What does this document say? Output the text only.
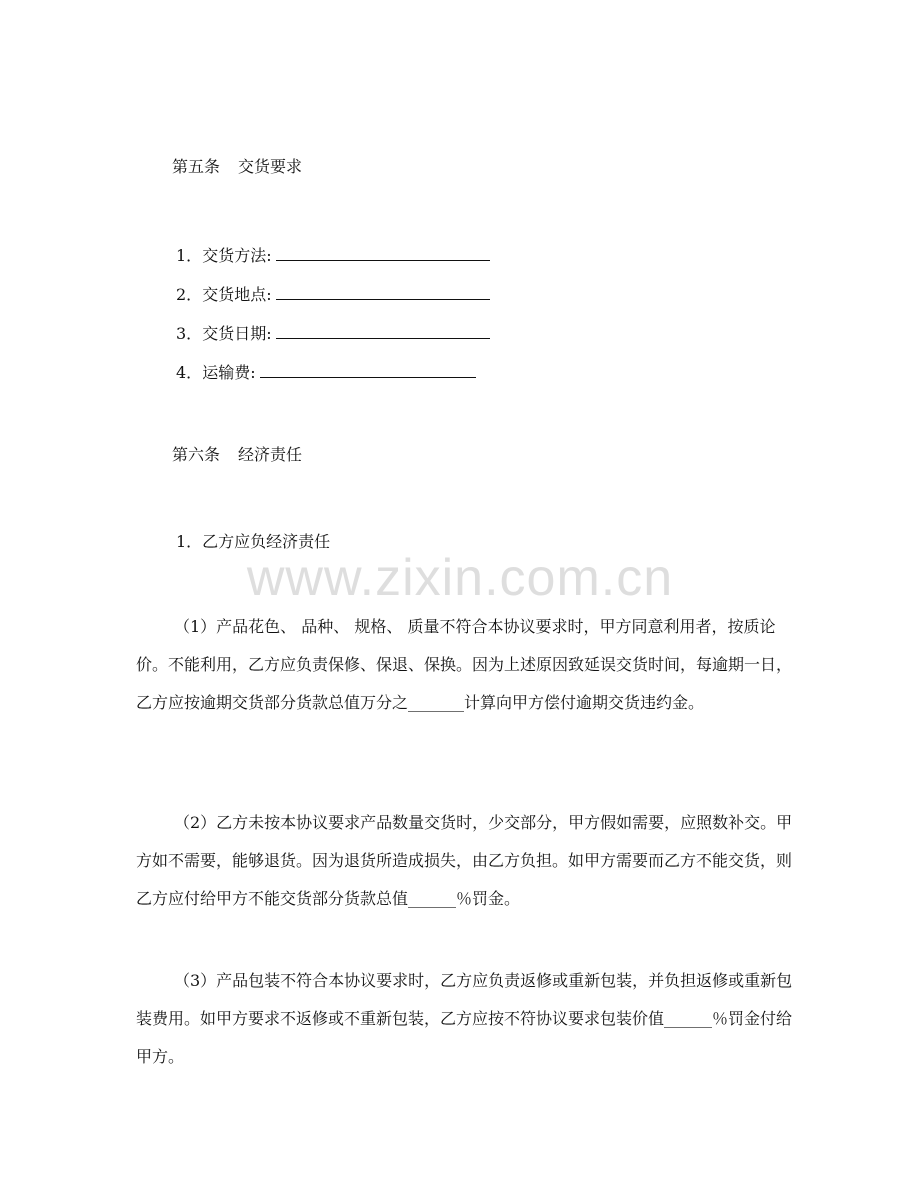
www.zixin.com.cn
第五条 交货要求
1．交货方法:
2．交货地点:
3．交货日期:
4．运输费:
第六条 经济责任
1．乙方应负经济责任
（1）产品花色、 品种、 规格、 质量不符合本协议要求时，甲方同意利用者，按质论价。不能利用，乙方应负责保修、保退、保换。因为上述原因致延误交货时间，每逾期一日，乙方应按逾期交货部分货款总值万分之_______计算向甲方偿付逾期交货违约金。
（2）乙方未按本协议要求产品数量交货时，少交部分，甲方假如需要，应照数补交。甲方如不需要，能够退货。因为退货所造成损失，由乙方负担。如甲方需要而乙方不能交货，则乙方应付给甲方不能交货部分货款总值______％罚金。
（3）产品包装不符合本协议要求时，乙方应负责返修或重新包装，并负担返修或重新包装费用。如甲方要求不返修或不重新包装，乙方应按不符协议要求包装价值______％罚金付给甲方。
